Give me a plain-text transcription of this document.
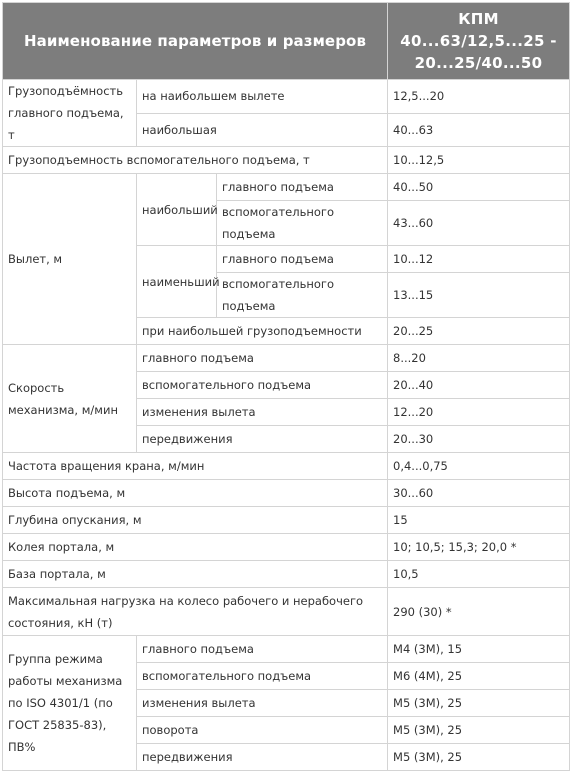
Наименование параметров и размеров			КПМ
40...63/12,5...25 -
20...25/40...50

Грузоподъёмность главного подъема, т	на наибольшем вылете		12,5...20
	наибольшая		40...63
Грузоподъемность вспомогательного подъема, т			10...12,5
Вылет, м	наибольший	главного подъема	40...50
		вспомогательного подъема	43...60
	наименьший	главного подъема	10...12
		вспомогательного подъема	13...15
	при наибольшей грузоподъемности		20...25
Скорость механизма, м/мин	главного подъема		8...20
	вспомогательного подъема		20...40
	изменения вылета		12...20
	передвижения		20...30
Частота вращения крана, м/мин			0,4...0,75
Высота подъема, м			30...60
Глубина опускания, м			15
Колея портала, м			10; 10,5; 15,3; 20,0 *
База портала, м			10,5
Максимальная нагрузка на колесо рабочего и нерабочего состояния, кН (т)			290 (30) *
Группа режима работы механизма по ISO 4301/1 (по ГОСТ 25835-83), ПВ%	главного подъема		М4 (3М), 15
	вспомогательного подъема		М6 (4М), 25
	изменения вылета		М5 (3М), 25
	поворота		М5 (3М), 25
	передвижения		М5 (3М), 25
